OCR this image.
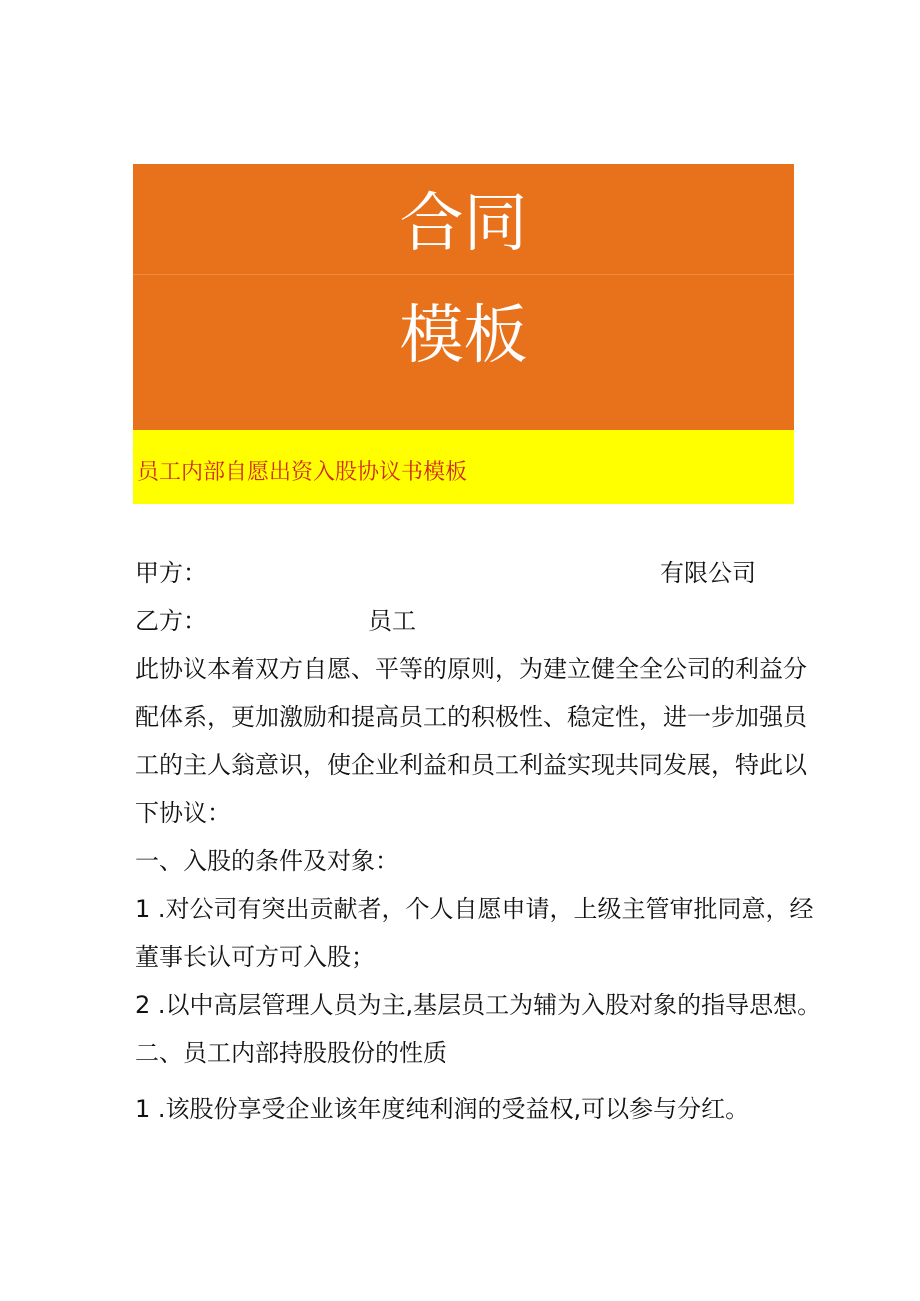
合同
模板
员工内部自愿出资入股协议书模板
甲方：	有限公司
乙方：	员工
此协议本着双方自愿、平等的原则，为建立健全全公司的利益分
配体系，更加激励和提高员工的积极性、稳定性，进一步加强员
工的主人翁意识，使企业利益和员工利益实现共同发展，特此以
下协议：
一、入股的条件及对象：
1 .对公司有突出贡献者，个人自愿申请，上级主管审批同意，经
董事长认可方可入股；
2 .以中高层管理人员为主,基层员工为辅为入股对象的指导思想。
二、员工内部持股股份的性质
1 .该股份享受企业该年度纯利润的受益权,可以参与分红。
